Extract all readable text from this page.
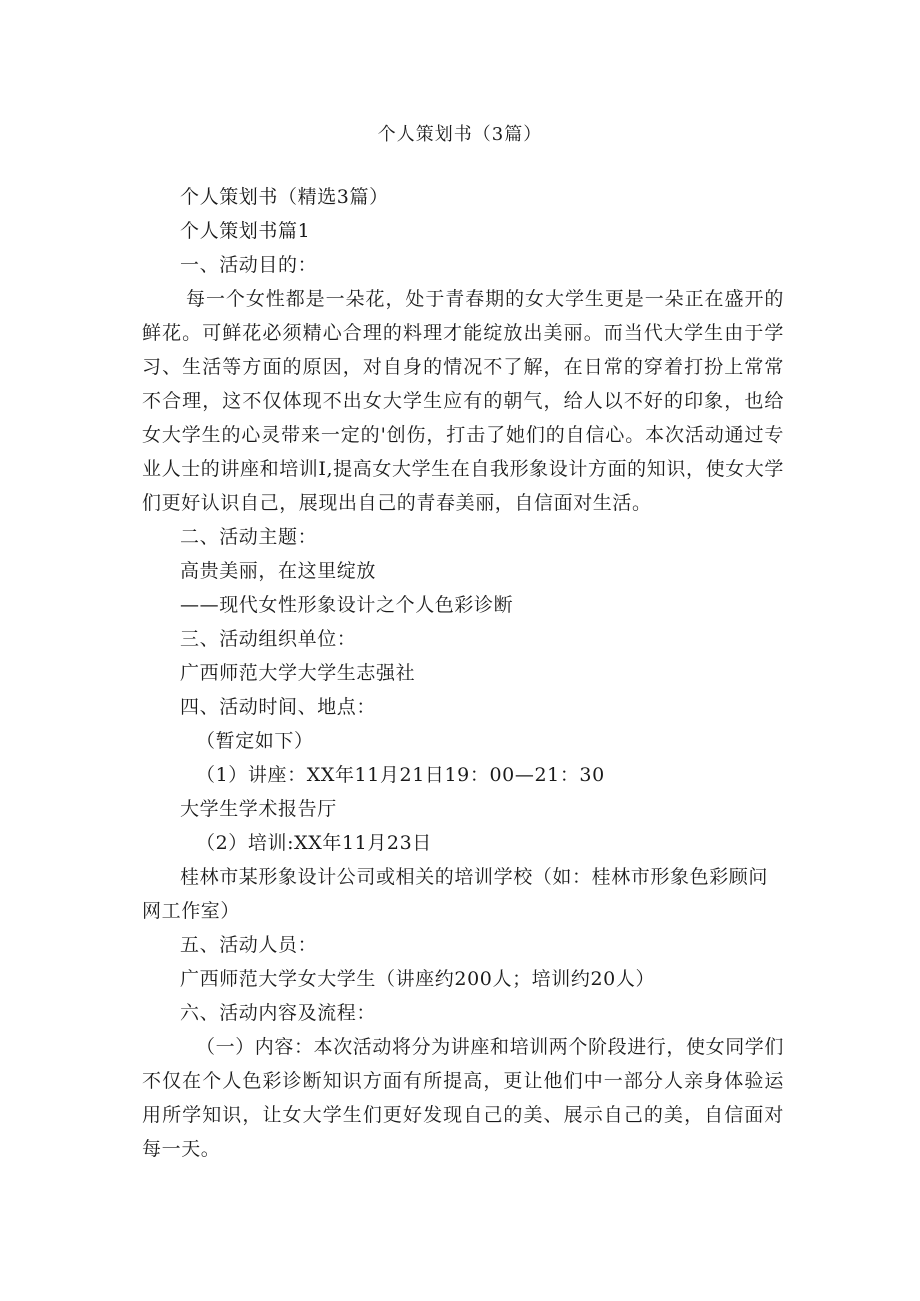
个人策划书（3篇）

个人策划书（精选3篇）

个人策划书篇1

一、活动目的：

每一个女性都是一朵花，处于青春期的女大学生更是一朵正在盛开的鲜花。可鲜花必须精心合理的料理才能绽放出美丽。而当代大学生由于学习、生活等方面的原因，对自身的情况不了解，在日常的穿着打扮上常常不合理，这不仅体现不出女大学生应有的朝气，给人以不好的印象，也给女大学生的心灵带来一定的'创伤，打击了她们的自信心。本次活动通过专业人士的讲座和培训I,提高女大学生在自我形象设计方面的知识，使女大学们更好认识自己，展现出自己的青春美丽，自信面对生活。

二、活动主题：

高贵美丽，在这里绽放

——现代女性形象设计之个人色彩诊断

三、活动组织单位：

广西师范大学大学生志强社

四、活动时间、地点：

（暂定如下）

（1）讲座：XX年11月21日19：00—21：30

大学生学术报告厅

（2）培训:XX年11月23日

桂林市某形象设计公司或相关的培训学校（如：桂林市形象色彩顾问网工作室）

五、活动人员：

广西师范大学女大学生（讲座约200人；培训约20人）

六、活动内容及流程：

（一）内容：本次活动将分为讲座和培训两个阶段进行，使女同学们不仅在个人色彩诊断知识方面有所提高，更让他们中一部分人亲身体验运用所学知识，让女大学生们更好发现自己的美、展示自己的美，自信面对每一天。
